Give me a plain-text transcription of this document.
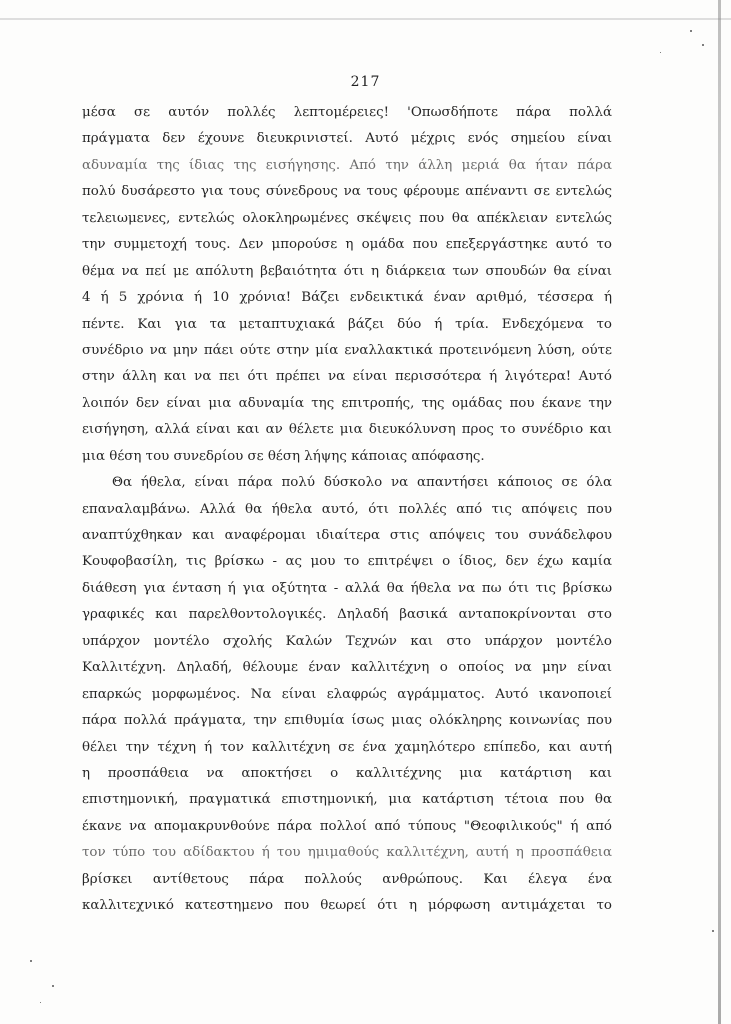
217
μέσα σε αυτόν πολλές λεπτομέρειες! 'Οπωσδήποτε πάρα πολλά
πράγματα δεν έχουνε διευκρινιστεί. Αυτό μέχρις ενός σημείου είναι
αδυναμία της ίδιας της εισήγησης. Από την άλλη μεριά θα ήταν πάρα
πολύ δυσάρεστο για τους σύνεδρους να τους φέρουμε απέναντι σε εντελώς
τελειωμενες, εντελώς ολοκληρωμένες σκέψεις που θα απέκλειαν εντελώς
την συμμετοχή τους. Δεν μπορούσε η ομάδα που επεξεργάστηκε αυτό το
θέμα να πεί με απόλυτη βεβαιότητα ότι η διάρκεια των σπουδών θα είναι
4 ή 5 χρόνια ή 10 χρόνια! Βάζει ενδεικτικά έναν αριθμό, τέσσερα ή
πέντε. Και για τα μεταπτυχιακά βάζει δύο ή τρία. Ενδεχόμενα το
συνέδριο να μην πάει ούτε στην μία εναλλακτικά προτεινόμενη λύση, ούτε
στην άλλη και να πει ότι πρέπει να είναι περισσότερα ή λιγότερα! Αυτό
λοιπόν δεν είναι μια αδυναμία της επιτροπής, της ομάδας που έκανε την
εισήγηση, αλλά είναι και αν θέλετε μια διευκόλυνση προς το συνέδριο και
μια θέση του συνεδρίου σε θέση λήψης κάποιας απόφασης.
Θα ήθελα, είναι πάρα πολύ δύσκολο να απαντήσει κάποιος σε όλα
επαναλαμβάνω. Αλλά θα ήθελα αυτό, ότι πολλές από τις απόψεις που
αναπτύχθηκαν και αναφέρομαι ιδιαίτερα στις απόψεις του συνάδελφου
Κουφοβασίλη, τις βρίσκω - ας μου το επιτρέψει ο ίδιος, δεν έχω καμία
διάθεση για ένταση ή για οξύτητα - αλλά θα ήθελα να πω ότι τις βρίσκω
γραφικές και παρελθοντολογικές. Δηλαδή βασικά ανταποκρίνονται στο
υπάρχον μοντέλο σχολής Καλών Τεχνών και στο υπάρχον μοντέλο
Καλλιτέχνη. Δηλαδή, θέλουμε έναν καλλιτέχνη ο οποίος να μην είναι
επαρκώς μορφωμένος. Να είναι ελαφρώς αγράμματος. Αυτό ικανοποιεί
πάρα πολλά πράγματα, την επιθυμία ίσως μιας ολόκληρης κοινωνίας που
θέλει την τέχνη ή τον καλλιτέχνη σε ένα χαμηλότερο επίπεδο, και αυτή
η προσπάθεια να αποκτήσει ο καλλιτέχνης μια κατάρτιση και
επιστημονική, πραγματικά επιστημονική, μια κατάρτιση τέτοια που θα
έκανε να απομακρυνθούνε πάρα πολλοί από τύπους "Θεοφιλικούς" ή από
τον τύπο του αδίδακτου ή του ημιμαθούς καλλιτέχνη, αυτή η προσπάθεια
βρίσκει αντίθετους πάρα πολλούς ανθρώπους. Και έλεγα ένα
καλλιτεχνικό κατεστημενο που θεωρεί ότι η μόρφωση αντιμάχεται το
